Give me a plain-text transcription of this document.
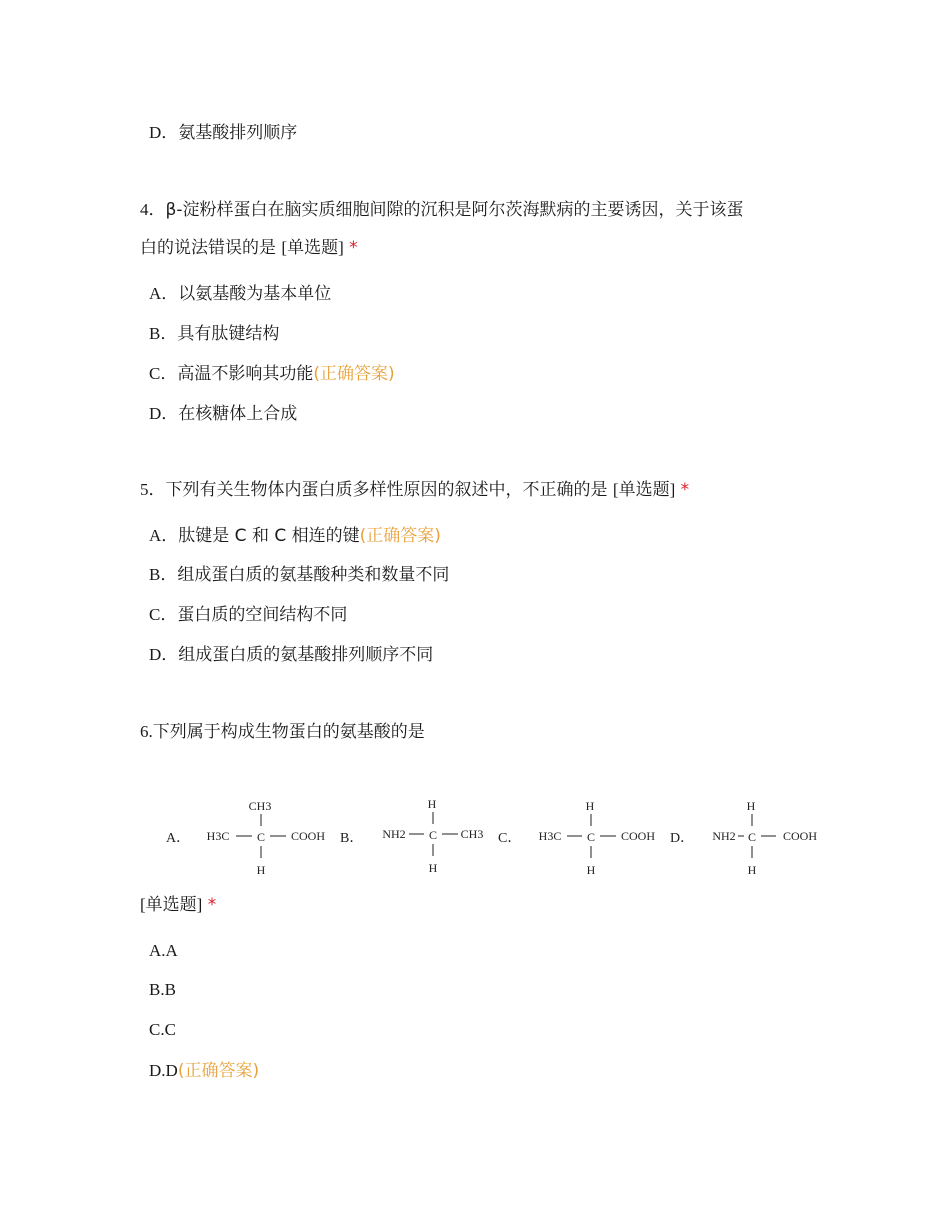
D．氨基酸排列顺序
4．β-淀粉样蛋白在脑实质细胞间隙的沉积是阿尔茨海默病的主要诱因，关于该蛋
白的说法错误的是 [单选题] *
A．以氨基酸为基本单位
B．具有肽键结构
C．高温不影响其功能(正确答案)
D．在核糖体上合成
5．下列有关生物体内蛋白质多样性原因的叙述中，不正确的是 [单选题] *
A．肽键是 C 和 C 相连的键(正确答案)
B．组成蛋白质的氨基酸种类和数量不同
C．蛋白质的空间结构不同
D．组成蛋白质的氨基酸排列顺序不同
6.下列属于构成生物蛋白的氨基酸的是
A．
CH3
H3C C COOH
H
B．
H
NH2 C CH3
H
C．
H
H3C C COOH
H
D．
H
NH2 C COOH
H
[单选题] *
A.A
B.B
C.C
D.D(正确答案)
